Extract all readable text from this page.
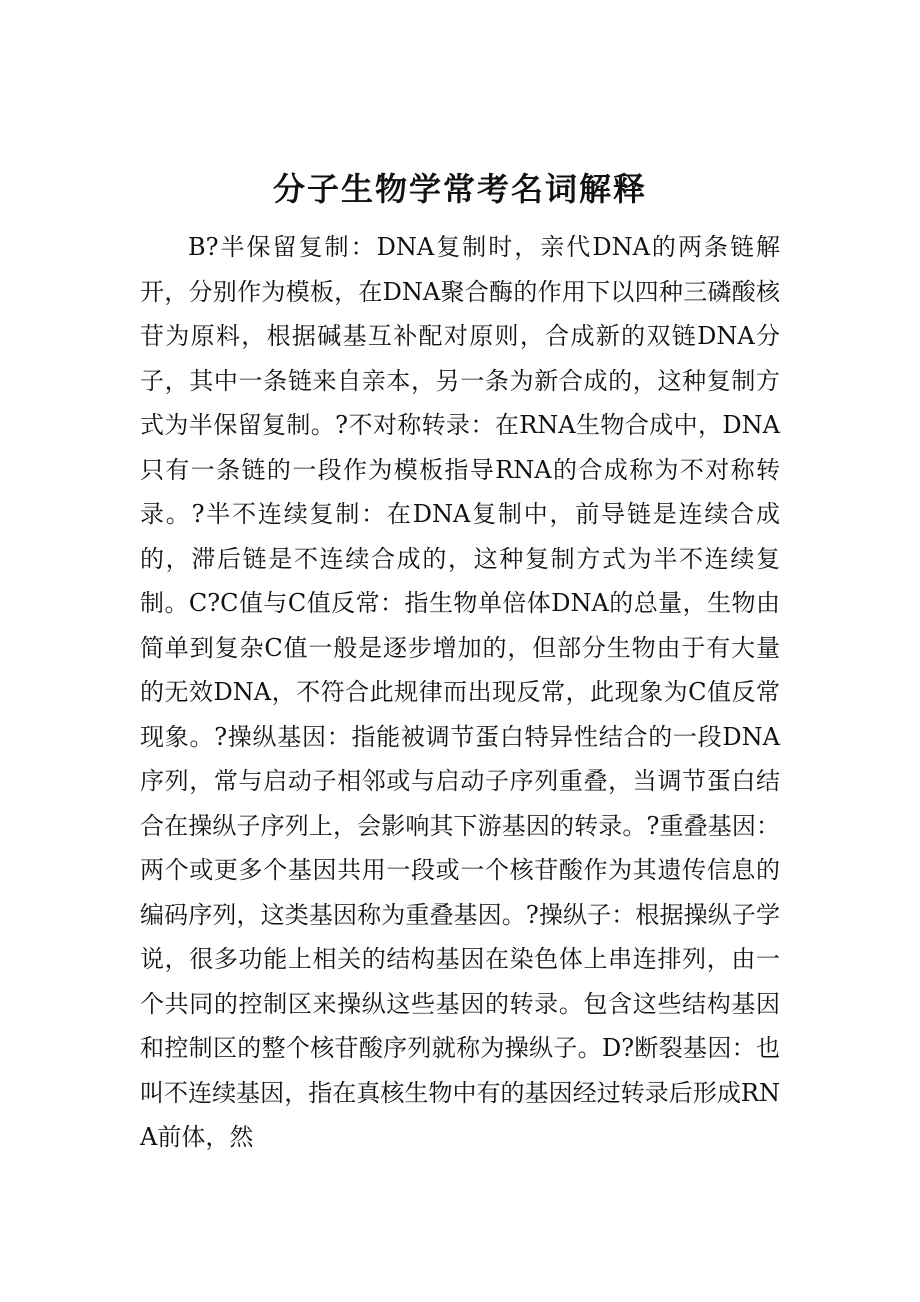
分子生物学常考名词解释

B?半保留复制：DNA复制时，亲代DNA的两条链解开，分别作为模板，在DNA聚合酶的作用下以四种三磷酸核苷为原料，根据碱基互补配对原则，合成新的双链DNA分子，其中一条链来自亲本，另一条为新合成的，这种复制方式为半保留复制。?不对称转录：在RNA生物合成中，DNA只有一条链的一段作为模板指导RNA的合成称为不对称转录。?半不连续复制：在DNA复制中，前导链是连续合成的，滞后链是不连续合成的，这种复制方式为半不连续复制。C?C值与C值反常：指生物单倍体DNA的总量，生物由简单到复杂C值一般是逐步增加的，但部分生物由于有大量的无效DNA，不符合此规律而出现反常，此现象为C值反常现象。?操纵基因：指能被调节蛋白特异性结合的一段DNA序列，常与启动子相邻或与启动子序列重叠，当调节蛋白结合在操纵子序列上，会影响其下游基因的转录。?重叠基因：两个或更多个基因共用一段或一个核苷酸作为其遗传信息的编码序列，这类基因称为重叠基因。?操纵子：根据操纵子学说，很多功能上相关的结构基因在染色体上串连排列，由一个共同的控制区来操纵这些基因的转录。包含这些结构基因和控制区的整个核苷酸序列就称为操纵子。D?断裂基因：也叫不连续基因，指在真核生物中有的基因经过转录后形成RNA前体，然
